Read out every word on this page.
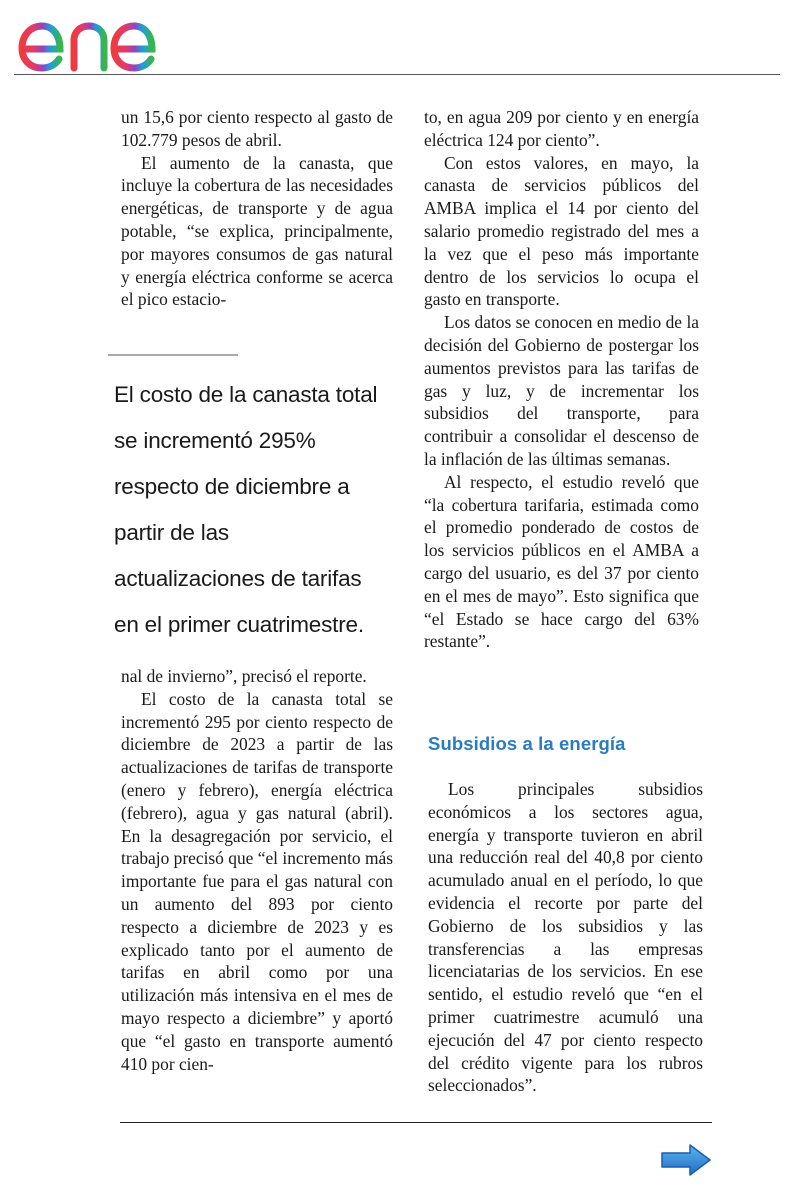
un 15,6 por ciento respecto al gasto de 102.779 pesos de abril.

El aumento de la canasta, que incluye la cobertura de las necesidades energéticas, de transporte y de agua potable, “se explica, principalmente, por mayores consumos de gas natural y energía eléctrica conforme se acerca el pico estacio-

El costo de la canasta total
se incrementó 295%
respecto de diciembre a
partir de las
actualizaciones de tarifas
en el primer cuatrimestre.

nal de invierno”, precisó el reporte.

El costo de la canasta total se incrementó 295 por ciento respecto de diciembre de 2023 a partir de las actualizaciones de tarifas de transporte (enero y febrero), energía eléctrica (febrero), agua y gas natural (abril). En la desagregación por servicio, el trabajo precisó que “el incremento más importante fue para el gas natural con un aumento del 893 por ciento respecto a diciembre de 2023 y es explicado tanto por el aumento de tarifas en abril como por una utilización más intensiva en el mes de mayo respecto a diciembre” y aportó que “el gasto en transporte aumentó 410 por cien-

to, en agua 209 por ciento y en energía eléctrica 124 por ciento”.

Con estos valores, en mayo, la canasta de servicios públicos del AMBA implica el 14 por ciento del salario promedio registrado del mes a la vez que el peso más importante dentro de los servicios lo ocupa el gasto en transporte.

Los datos se conocen en medio de la decisión del Gobierno de postergar los aumentos previstos para las tarifas de gas y luz, y de incrementar los subsidios del transporte, para contribuir a consolidar el descenso de la inflación de las últimas semanas.

Al respecto, el estudio reveló que “la cobertura tarifaria, estimada como el promedio ponderado de costos de los servicios públicos en el AMBA a cargo del usuario, es del 37 por ciento en el mes de mayo”. Esto significa que “el Estado se hace cargo del 63% restante”.

Subsidios a la energía

Los principales subsidios económicos a los sectores agua, energía y transporte tuvieron en abril una reducción real del 40,8 por ciento acumulado anual en el período, lo que evidencia el recorte por parte del Gobierno de los subsidios y las transferencias a las empresas licenciatarias de los servicios. En ese sentido, el estudio reveló que “en el primer cuatrimestre acumuló una ejecución del 47 por ciento respecto del crédito vigente para los rubros seleccionados”.
